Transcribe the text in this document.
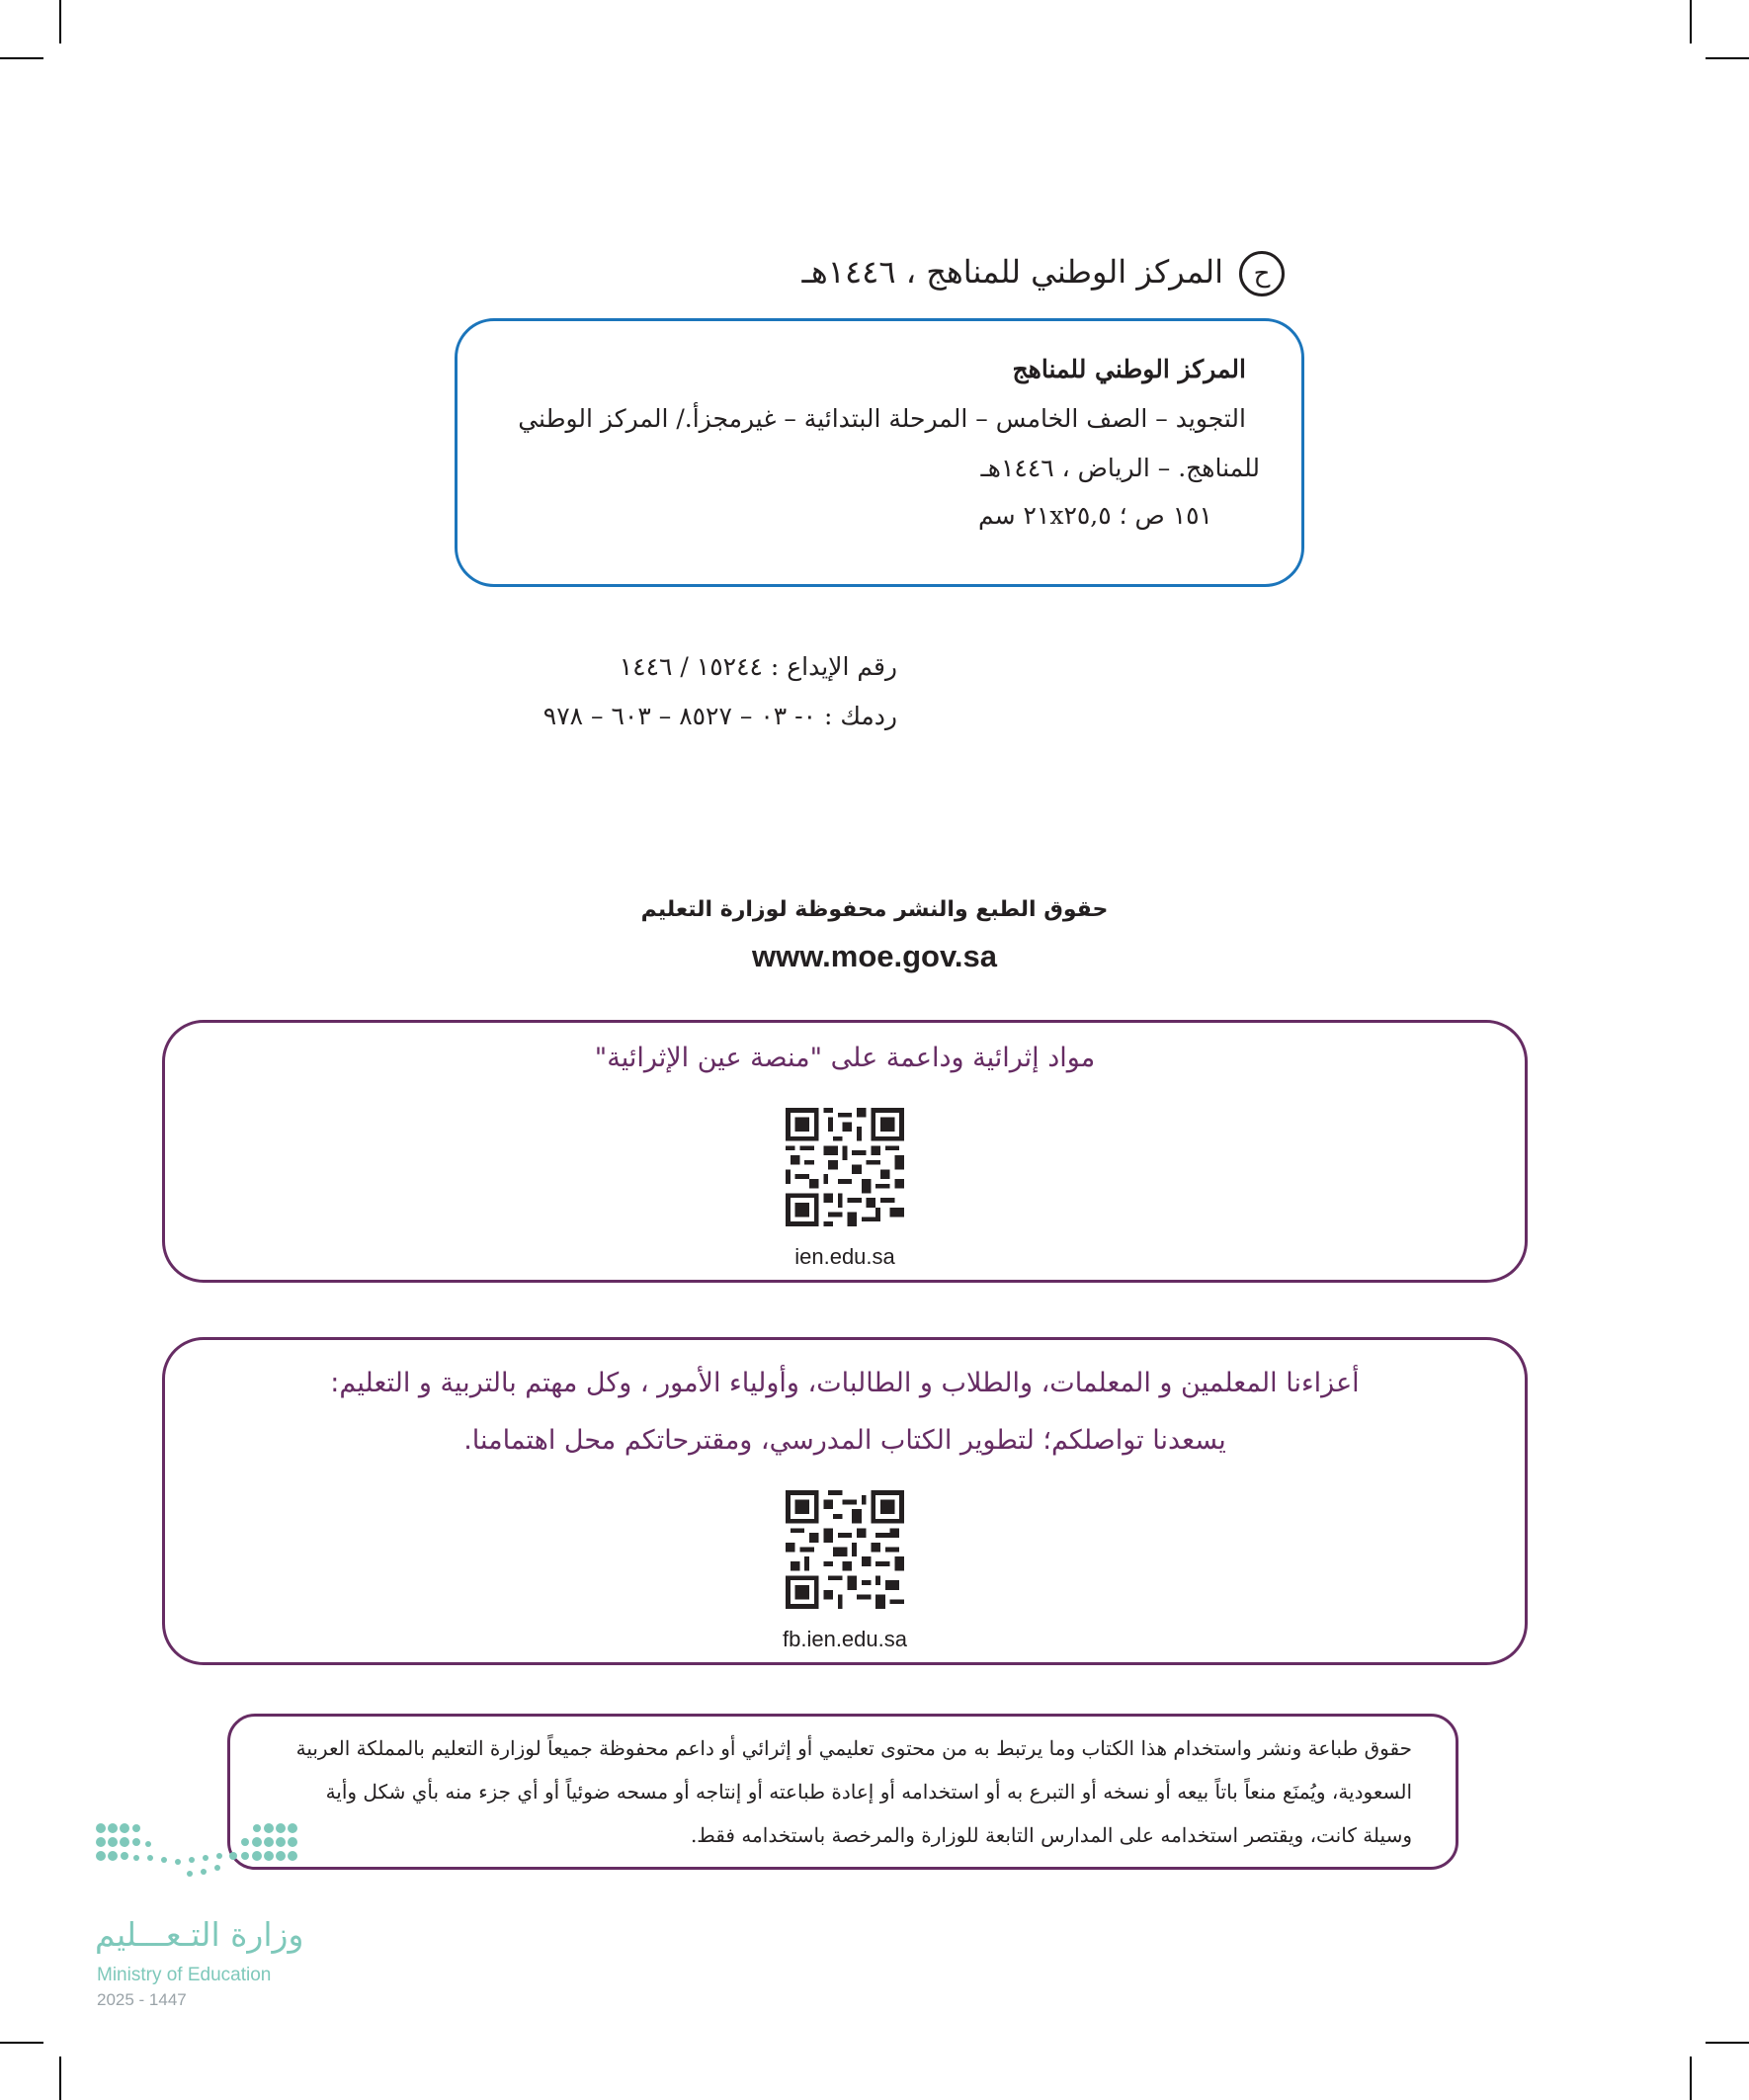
ح
المركز الوطني للمناهج ، ١٤٤٦هـ
المركز الوطني للمناهج
التجويد – الصف الخامس – المرحلة البتدائية – غيرمجزأ./ المركز الوطني
للمناهج. – الرياض ، ١٤٤٦هـ
١٥١ ص ؛ ٢١x٢٥,٥ سم
رقم الإيداع : ١٥٢٤٤ / ١٤٤٦
ردمك : ٠- ٠٣ – ٨٥٢٧ – ٦٠٣ – ٩٧٨
حقوق الطبع والنشر محفوظة لوزارة التعليم
www.moe.gov.sa
مواد إثرائية وداعمة على "منصة عين الإثرائية"
ien.edu.sa
أعزاءنا المعلمين و المعلمات، والطلاب و الطالبات، وأولياء الأمور ، وكل مهتم بالتربية و التعليم:
يسعدنا تواصلكم؛ لتطوير الكتاب المدرسي، ومقترحاتكم محل اهتمامنا.
fb.ien.edu.sa
حقوق طباعة ونشر واستخدام هذا الكتاب وما يرتبط به من محتوى تعليمي أو إثرائي أو داعم محفوظة جميعاً لوزارة التعليم بالمملكة العربية
السعودية، ويُمنَع منعاً باتاً بيعه أو نسخه أو التبرع به أو استخدامه أو إعادة طباعته أو إنتاجه أو مسحه ضوئياً أو أي جزء منه بأي شكل وأية
وسيلة كانت، ويقتصر استخدامه على المدارس التابعة للوزارة والمرخصة باستخدامه فقط.
وزارة التـعـــليم
Ministry of Education
2025 - 1447
